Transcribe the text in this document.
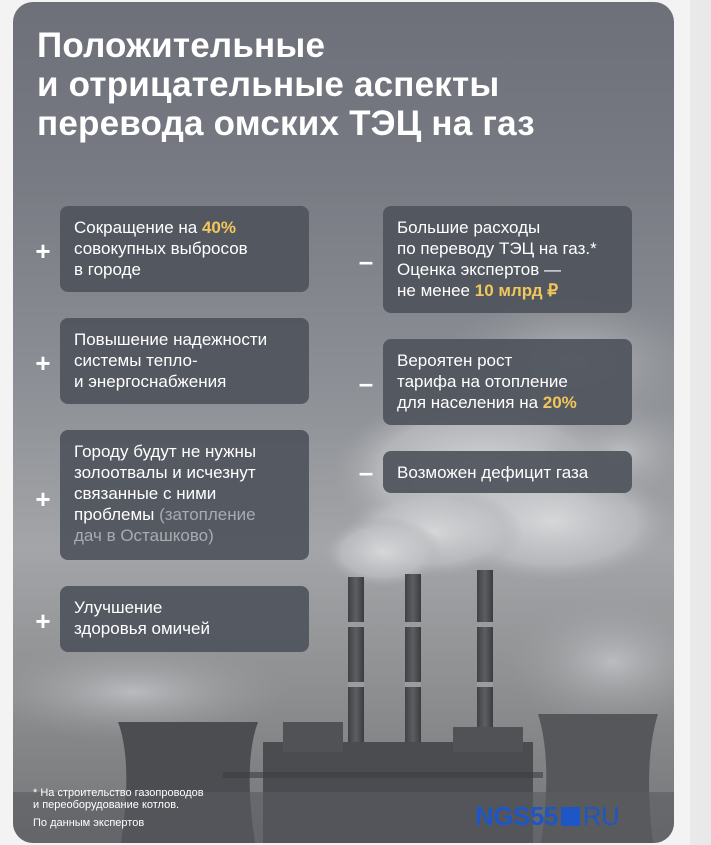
Положительные
и отрицательные аспекты
перевода омских ТЭЦ на газ
+
Сокращение на 40%
совокупных выбросов
в городе
+
Повышение надежности
системы тепло-
и энергоснабжения
+
Городу будут не нужны
золоотвалы и исчезнут
связанные с ними
проблемы (затопление
дач в Осташково)
+	Улучшение
здоровья омичей
–
Большие расходы
по переводу ТЭЦ на газ.*
Оценка экспертов —
не менее 10 млрд ₽
–
Вероятен рост
тарифа на отопление
для населения на 20%
–	Возможен дефицит газа
* На строительство газопроводов
и переоборудование котлов.
По данным экспертов	NGS55 RU
